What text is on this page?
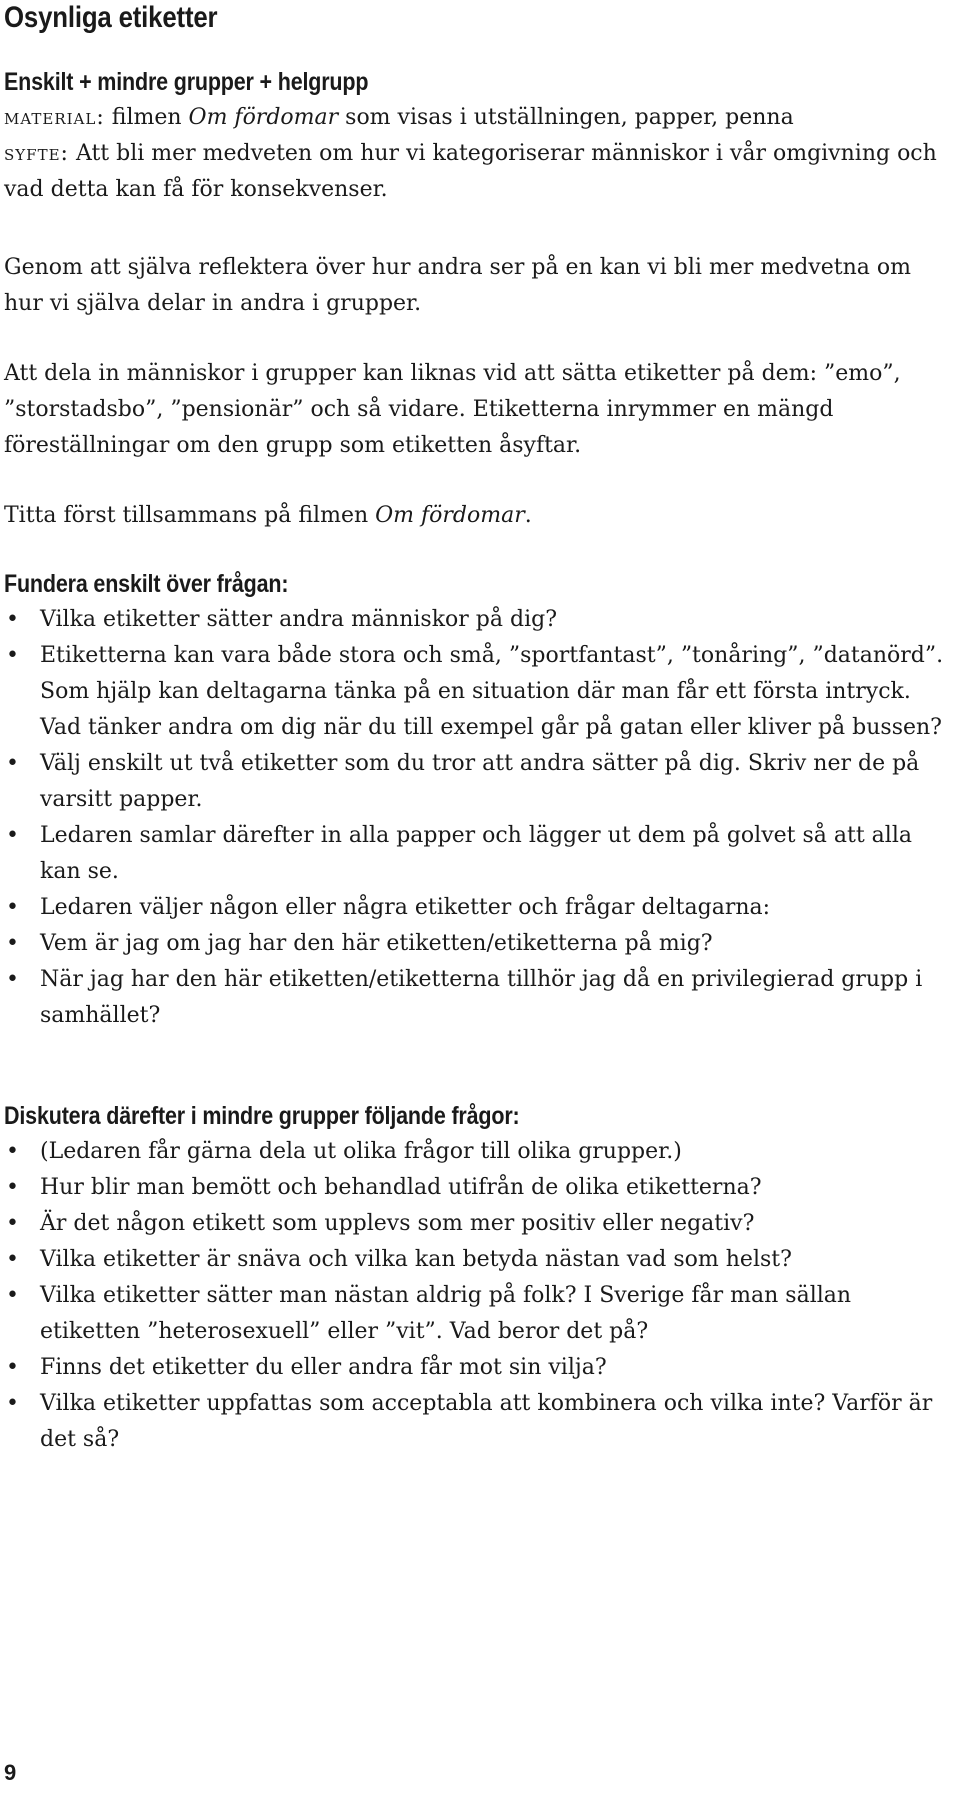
Osynliga etiketter
Enskilt + mindre grupper + helgrupp

material: filmen Om fördomar som visas i utställningen, papper, penna

syfte: Att bli mer medveten om hur vi kategoriserar människor i vår omgivning och vad detta kan få för konsekvenser.

Genom att själva reflektera över hur andra ser på en kan vi bli mer medvetna om hur vi själva delar in andra i grupper.

Att dela in människor i grupper kan liknas vid att sätta etiketter på dem: ”emo”, ”storstadsbo”, ”pensionär” och så vidare. Etiketterna inrymmer en mängd föreställningar om den grupp som etiketten åsyftar.

Titta först tillsammans på filmen Om fördomar.

Fundera enskilt över frågan:
• Vilka etiketter sätter andra människor på dig?
• Etiketterna kan vara både stora och små, ”sportfantast”, ”tonåring”, ”datanörd”. Som hjälp kan deltagarna tänka på en situation där man får ett första intryck. Vad tänker andra om dig när du till exempel går på gatan eller kliver på bussen?
• Välj enskilt ut två etiketter som du tror att andra sätter på dig. Skriv ner de på varsitt papper.
• Ledaren samlar därefter in alla papper och lägger ut dem på golvet så att alla kan se.
• Ledaren väljer någon eller några etiketter och frågar deltagarna:
• Vem är jag om jag har den här etiketten/etiketterna på mig?
• När jag har den här etiketten/etiketterna tillhör jag då en privilegierad grupp i samhället?
Diskutera därefter i mindre grupper följande frågor:
• (Ledaren får gärna dela ut olika frågor till olika grupper.)
• Hur blir man bemött och behandlad utifrån de olika etiketterna?
• Är det någon etikett som upplevs som mer positiv eller negativ?
• Vilka etiketter är snäva och vilka kan betyda nästan vad som helst?
• Vilka etiketter sätter man nästan aldrig på folk? I Sverige får man sällan etiketten ”heterosexuell” eller ”vit”. Vad beror det på?
• Finns det etiketter du eller andra får mot sin vilja?
• Vilka etiketter uppfattas som acceptabla att kombinera och vilka inte? Varför är det så?
9
